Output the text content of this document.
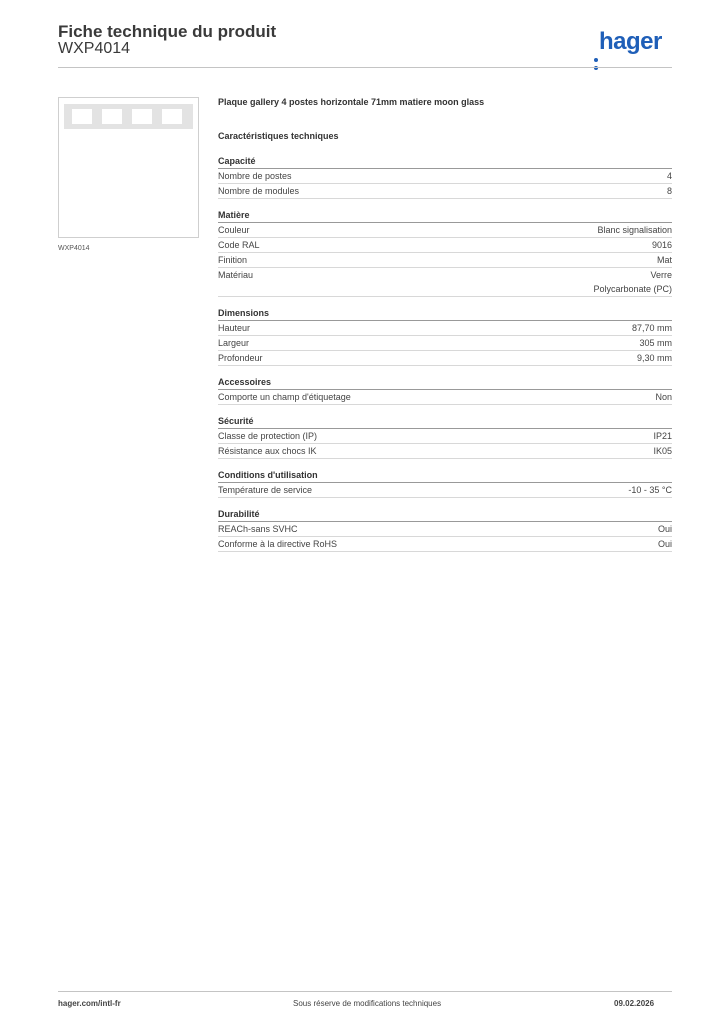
Fiche technique du produit
WXP4014	hager
WXP4014
Plaque gallery 4 postes horizontale 71mm matiere moon glass
Caractéristiques techniques
Capacité
Nombre de postes	4
Nombre de modules	8
Matière
Couleur	Blanc signalisation
Code RAL	9016
Finition	Mat
Matériau	Verre
Polycarbonate (PC)
Dimensions
Hauteur	87,70 mm
Largeur	305 mm
Profondeur	9,30 mm
Accessoires
Comporte un champ d'étiquetage	Non
Sécurité
Classe de protection (IP)	IP21
Résistance aux chocs IK	IK05
Conditions d'utilisation
Température de service	-10 - 35 °C
Durabilité
REACh-sans SVHC	Oui
Conforme à la directive RoHS	Oui
hager.com/intl-fr	Sous réserve de modifications techniques	09.02.2026
